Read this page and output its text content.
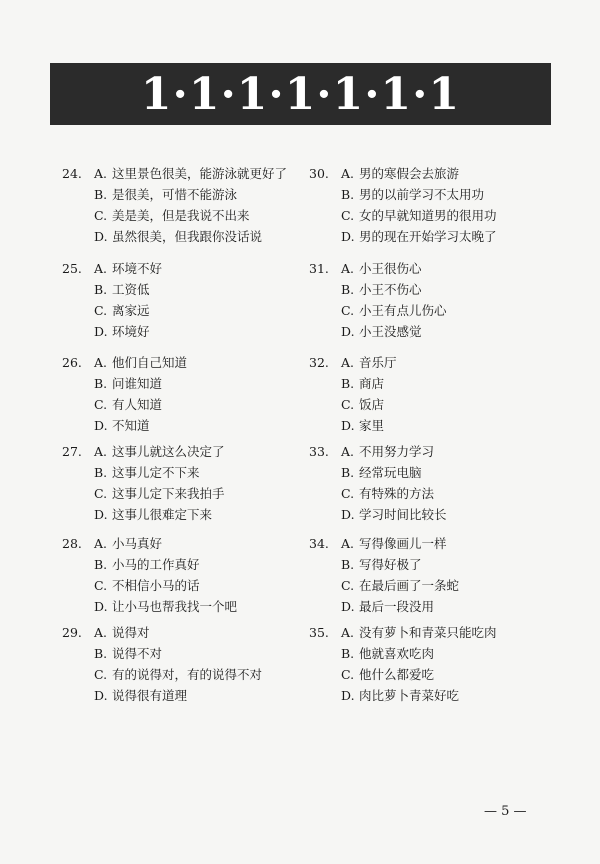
1·1·1·1·1·1·1
24. A. 这里景色很美，能游泳就更好了
B. 是很美，可惜不能游泳
C. 美是美，但是我说不出来
D. 虽然很美，但我跟你没话说
25. A. 环境不好
B. 工资低
C. 离家远
D. 环境好
26. A. 他们自己知道
B. 问谁知道
C. 有人知道
D. 不知道
27. A. 这事儿就这么决定了
B. 这事儿定不下来
C. 这事儿定下来我拍手
D. 这事儿很难定下来
28. A. 小马真好
B. 小马的工作真好
C. 不相信小马的话
D. 让小马也帮我找一个吧
29. A. 说得对
B. 说得不对
C. 有的说得对，有的说得不对
D. 说得很有道理
30. A. 男的寒假会去旅游
B. 男的以前学习不太用功
C. 女的早就知道男的很用功
D. 男的现在开始学习太晚了
31. A. 小王很伤心
B. 小王不伤心
C. 小王有点儿伤心
D. 小王没感觉
32. A. 音乐厅
B. 商店
C. 饭店
D. 家里
33. A. 不用努力学习
B. 经常玩电脑
C. 有特殊的方法
D. 学习时间比较长
34. A. 写得像画儿一样
B. 写得好极了
C. 在最后画了一条蛇
D. 最后一段没用
35. A. 没有萝卜和青菜只能吃肉
B. 他就喜欢吃肉
C. 他什么都爱吃
D. 肉比萝卜青菜好吃
— 5 —
